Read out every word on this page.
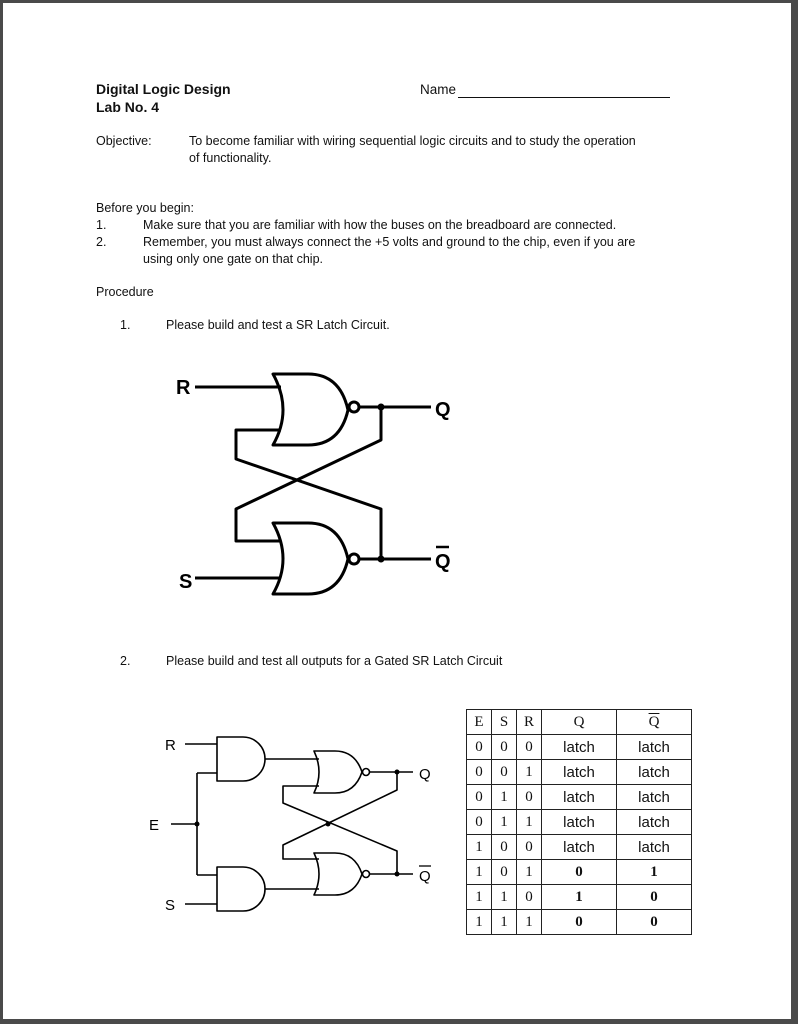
Digital Logic Design
Lab No. 4
Name
Objective:	To become familiar with wiring sequential logic circuits and to study the operation
of functionality.
Before you begin:
1.	Make sure that you are familiar with how the buses on the breadboard are connected.
2.	Remember, you must always connect the +5 volts and ground to the chip, even if you are
using only one gate on that chip.
Procedure
1.	Please build and test a SR Latch Circuit.
2.	Please build and test all outputs for a Gated SR Latch Circuit
R
S
Q
Q
R
E
S
Q
Q
E	S	R	Q	$\overline{Q}$
0	0	0	latch	latch
0	0	1	latch	latch
0	1	0	latch	latch
0	1	1	latch	latch
1	0	0	latch	latch
1	0	1	0	1
1	1	0	1	0
1	1	1	0	0
